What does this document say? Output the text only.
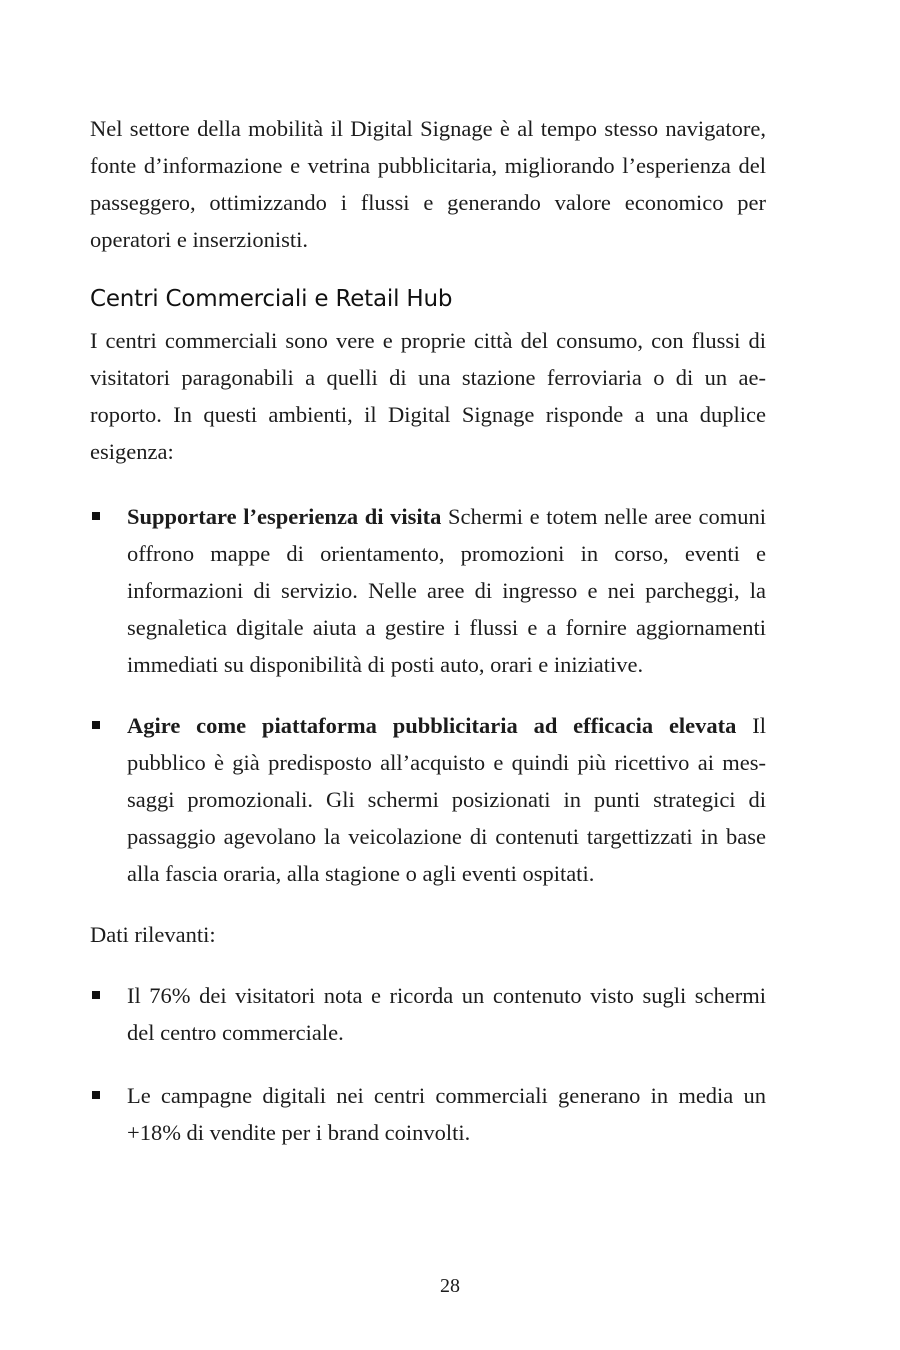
Nel settore della mobilità il Digital Signage è al tempo stesso navigatore, fonte d’informazione e vetrina pubblicitaria, migliorando l’esperienza del passeggero, ottimizzando i flussi e generando valore economico per operatori e inserzionisti.

Centri Commerciali e Retail Hub

I centri commerciali sono vere e proprie città del consumo, con flussi di visitatori paragonabili a quelli di una stazione ferroviaria o di un aeroporto. In questi ambienti, il Digital Signage risponde a una duplice esigenza:

Supportare l’esperienza di visita Schermi e totem nelle aree comuni offrono mappe di orientamento, promozioni in corso, eventi e informazioni di servizio. Nelle aree di ingresso e nei parcheggi, la segnaletica digitale aiuta a gestire i flussi e a fornire aggiornamenti immediati su disponibilità di posti auto, orari e iniziative.
Agire come piattaforma pubblicitaria ad efficacia elevata Il pubblico è già predisposto all’acquisto e quindi più ricettivo ai messaggi promozionali. Gli schermi posizionati in punti strategici di passaggio agevolano la veicolazione di contenuti targettizzati in base alla fascia oraria, alla stagione o agli eventi ospitati.

Dati rilevanti:

Il 76% dei visitatori nota e ricorda un contenuto visto sugli schermi del centro commerciale.
Le campagne digitali nei centri commerciali generano in media un +18% di vendite per i brand coinvolti.
28
